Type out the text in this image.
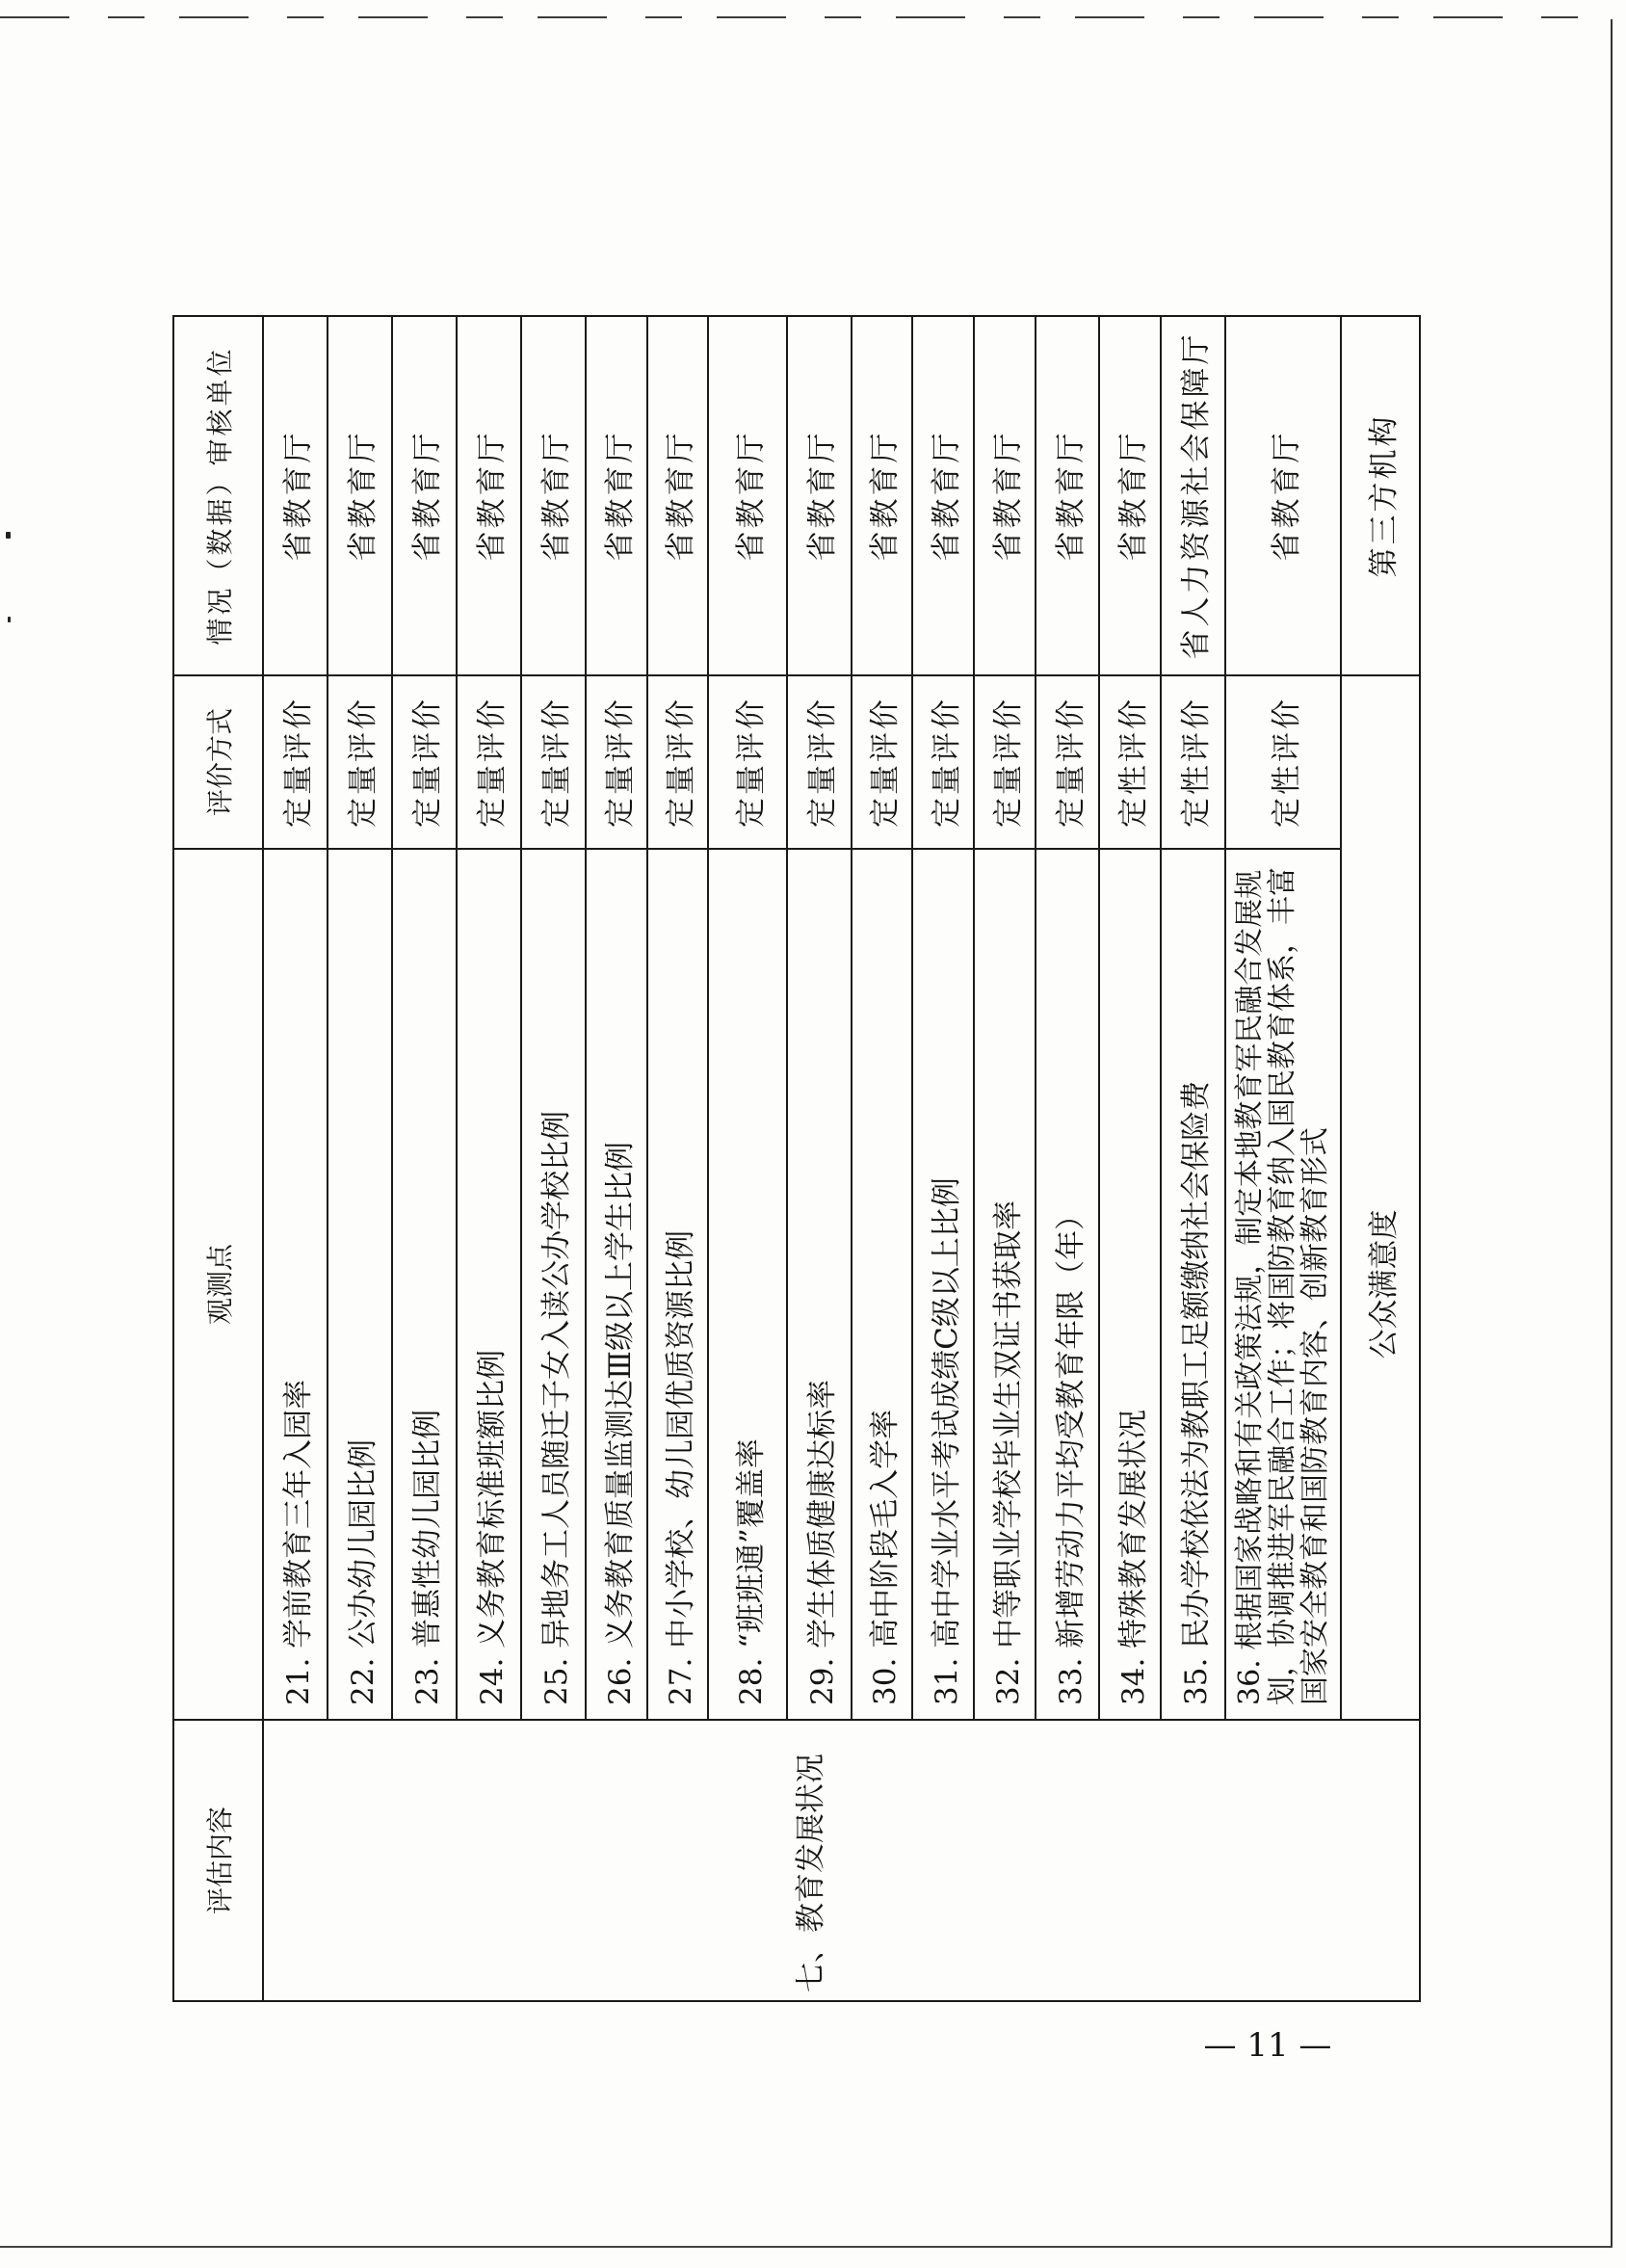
评估内容	观测点	评价方式	情况（数据）审核单位
七、教育发展状况	21. 学前教育三年入园率	定量评价	省教育厅
	22. 公办幼儿园比例	定量评价	省教育厅
	23. 普惠性幼儿园比例	定量评价	省教育厅
	24. 义务教育标准班额比例	定量评价	省教育厅
	25. 异地务工人员随迁子女入读公办学校比例	定量评价	省教育厅
	26. 义务教育质量监测达Ⅲ级以上学生比例	定量评价	省教育厅
	27. 中小学校、幼儿园优质资源比例	定量评价	省教育厅
	28. “班班通”覆盖率	定量评价	省教育厅
	29. 学生体质健康达标率	定量评价	省教育厅
	30. 高中阶段毛入学率	定量评价	省教育厅
	31. 高中学业水平考试成绩C级以上比例	定量评价	省教育厅
	32. 中等职业学校毕业生双证书获取率	定量评价	省教育厅
	33. 新增劳动力平均受教育年限（年）	定量评价	省教育厅
	34. 特殊教育发展状况	定性评价	省教育厅
	35. 民办学校依法为教职工足额缴纳社会保险费	定性评价	省人力资源社会保障厅

	36. 根据国家战略和有关政策法规，制定本地教育军民融合发展规 划，协调推进军民融合工作；将国防教育纳入国民教育体系，丰富 国家安全教育和国防教育内容、创新教育形式	定性评价	省教育厅
	公众满意度		第三方机构
— 11 —
